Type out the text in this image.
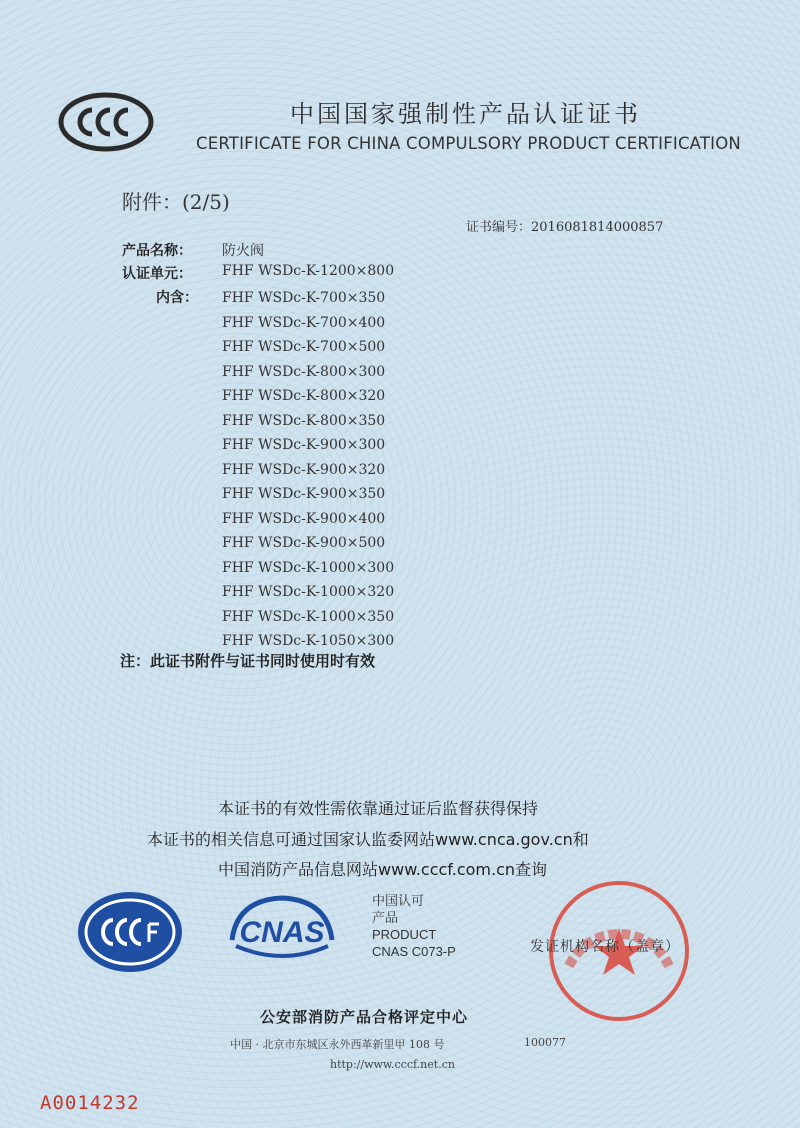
中国国家强制性产品认证证书
CERTIFICATE FOR CHINA COMPULSORY PRODUCT CERTIFICATION
附件：(2/5)
证书编号：2016081814000857
产品名称： 防火阀
认证单元： FHF WSDc-K-1200×800
内含： FHF WSDc-K-700×350
FHF WSDc-K-700×400
FHF WSDc-K-700×500
FHF WSDc-K-800×300
FHF WSDc-K-800×320
FHF WSDc-K-800×350
FHF WSDc-K-900×300
FHF WSDc-K-900×320
FHF WSDc-K-900×350
FHF WSDc-K-900×400
FHF WSDc-K-900×500
FHF WSDc-K-1000×300
FHF WSDc-K-1000×320
FHF WSDc-K-1000×350
FHF WSDc-K-1050×300
注：此证书附件与证书同时使用时有效
本证书的有效性需依靠通过证后监督获得保持
本证书的相关信息可通过国家认监委网站www.cnca.gov.cn和
中国消防产品信息网站www.cccf.com.cn查询
CNAS
中国认可
产品
PRODUCT
CNAS C073-P	发证机构名称（盖章）
公安部消防产品合格评定中心
中国 · 北京市东城区永外西革新里甲 108 号	100077
http://www.cccf.net.cn
A0014232
